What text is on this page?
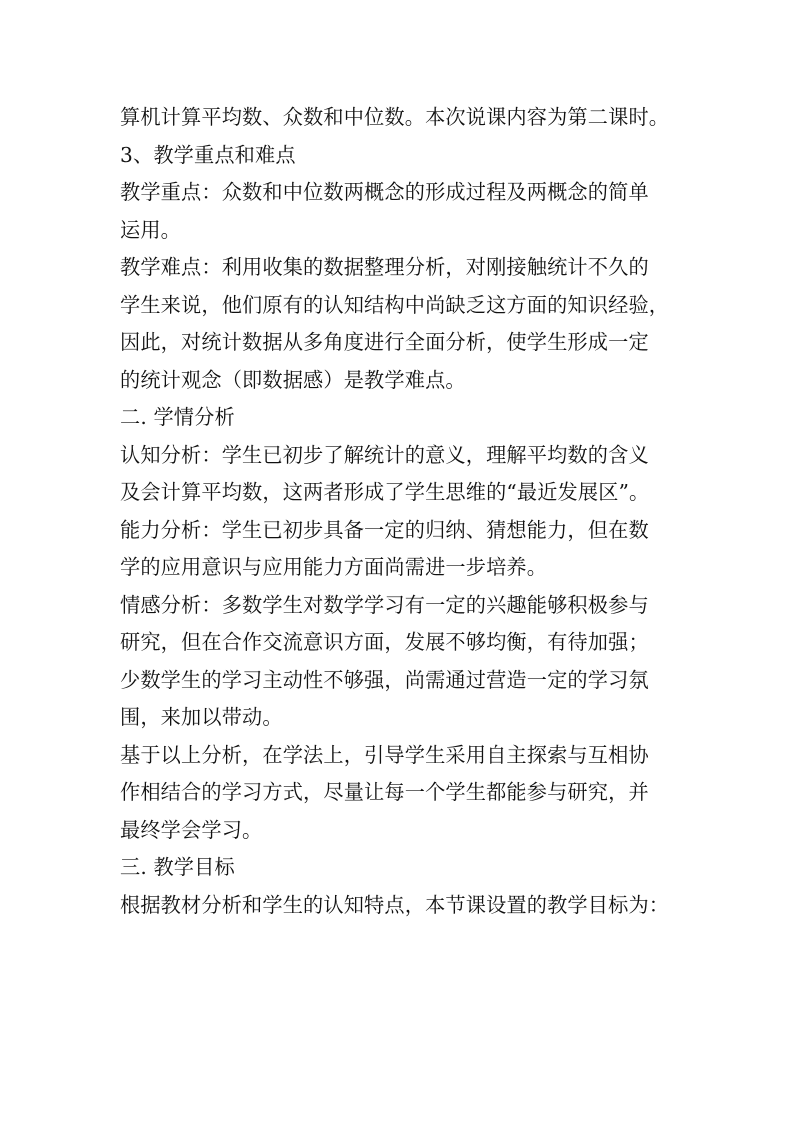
算机计算平均数、众数和中位数。本次说课内容为第二课时。
3、教学重点和难点
教学重点：众数和中位数两概念的形成过程及两概念的简单
运用。
教学难点：利用收集的数据整理分析，对刚接触统计不久的
学生来说，他们原有的认知结构中尚缺乏这方面的知识经验，
因此，对统计数据从多角度进行全面分析，使学生形成一定
的统计观念（即数据感）是教学难点。
二. 学情分析
认知分析：学生已初步了解统计的意义，理解平均数的含义
及会计算平均数，这两者形成了学生思维的“最近发展区”。
能力分析：学生已初步具备一定的归纳、猜想能力，但在数
学的应用意识与应用能力方面尚需进一步培养。
情感分析：多数学生对数学学习有一定的兴趣能够积极参与
研究，但在合作交流意识方面，发展不够均衡，有待加强；
少数学生的学习主动性不够强，尚需通过营造一定的学习氛
围，来加以带动。
基于以上分析，在学法上，引导学生采用自主探索与互相协
作相结合的学习方式，尽量让每一个学生都能参与研究，并
最终学会学习。
三. 教学目标
根据教材分析和学生的认知特点，本节课设置的教学目标为：
